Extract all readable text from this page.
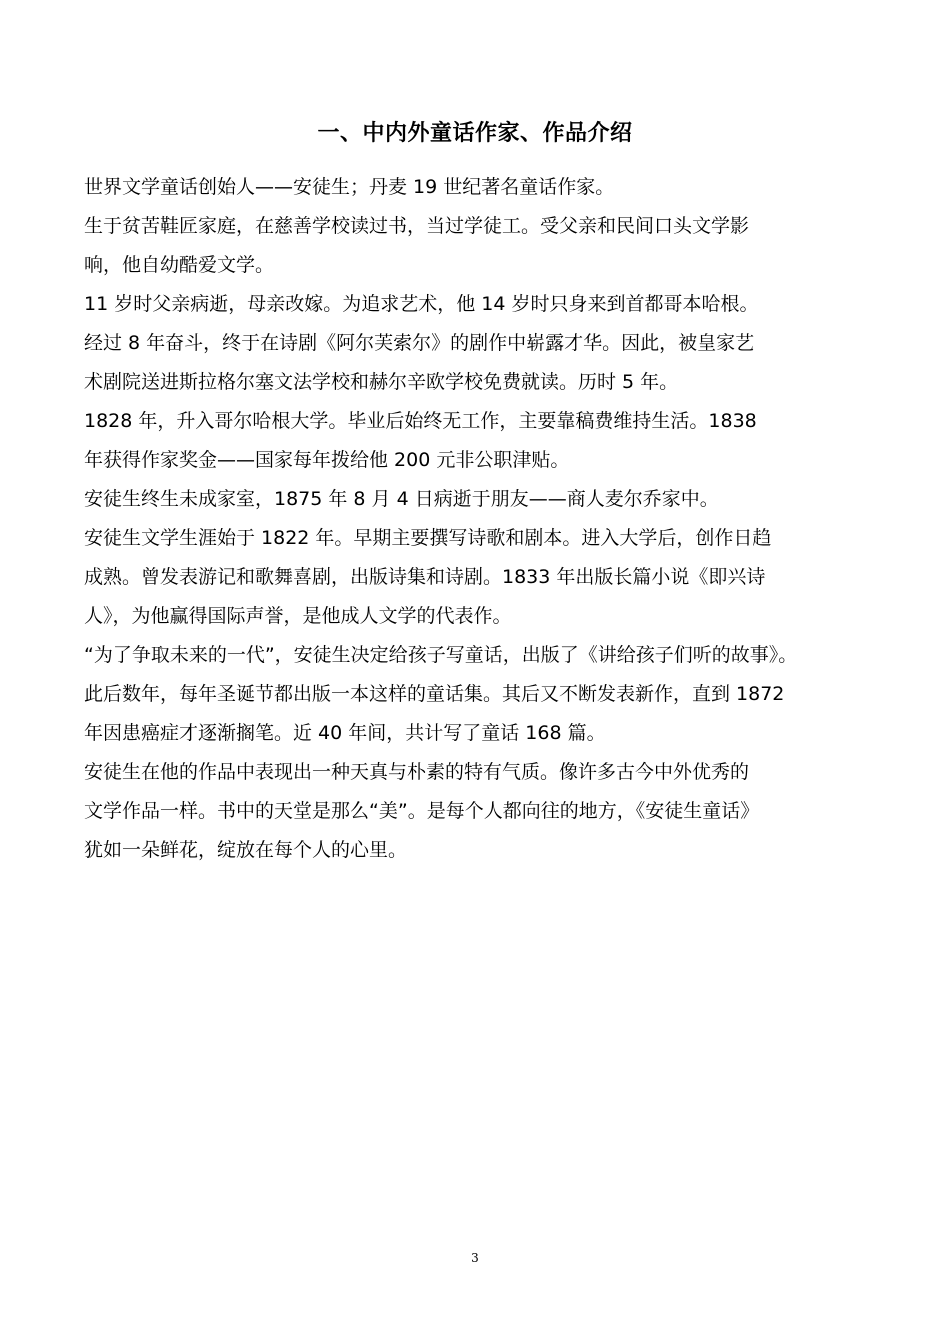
一、中内外童话作家、作品介绍

世界文学童话创始人——安徒生；丹麦 19 世纪著名童话作家。

生于贫苦鞋匠家庭，在慈善学校读过书，当过学徒工。受父亲和民间口头文学影
响，他自幼酷爱文学。

11 岁时父亲病逝，母亲改嫁。为追求艺术，他 14 岁时只身来到首都哥本哈根。

经过 8 年奋斗，终于在诗剧《阿尔芙索尔》的剧作中崭露才华。因此，被皇家艺
术剧院送进斯拉格尔塞文法学校和赫尔辛欧学校免费就读。历时 5 年。

1828 年，升入哥尔哈根大学。毕业后始终无工作，主要靠稿费维持生活。1838
年获得作家奖金——国家每年拨给他 200 元非公职津贴。

安徒生终生未成家室，1875 年 8 月 4 日病逝于朋友——商人麦尔乔家中。

安徒生文学生涯始于 1822 年。早期主要撰写诗歌和剧本。进入大学后，创作日趋
成熟。曾发表游记和歌舞喜剧，出版诗集和诗剧。1833 年出版长篇小说《即兴诗
人》，为他赢得国际声誉，是他成人文学的代表作。

“为了争取未来的一代”，安徒生决定给孩子写童话，出版了《讲给孩子们听的故事》。
此后数年，每年圣诞节都出版一本这样的童话集。其后又不断发表新作，直到 1872
年因患癌症才逐渐搁笔。近 40 年间，共计写了童话 168 篇。

安徒生在他的作品中表现出一种天真与朴素的特有气质。像许多古今中外优秀的
文学作品一样。书中的天堂是那么“美”。是每个人都向往的地方，《安徒生童话》
犹如一朵鲜花，绽放在每个人的心里。

3
